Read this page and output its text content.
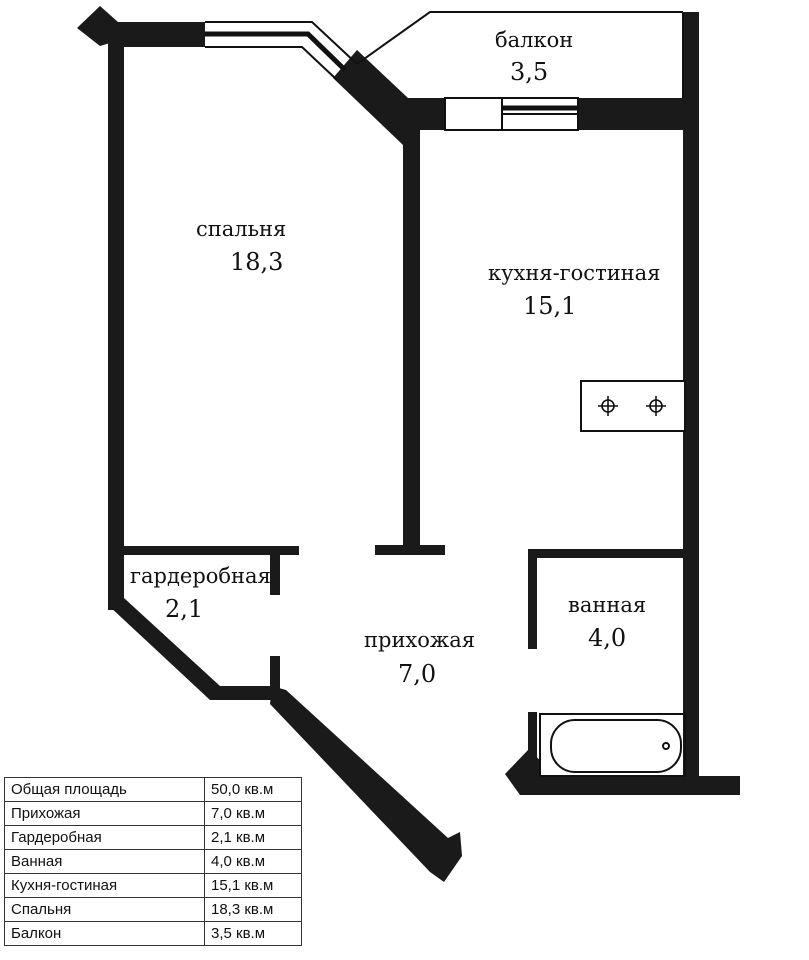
балкон
3,5
спальня
18,3	кухня-гостиная
15,1
гардеробная
2,1
прихожая
7,0
ванная
4,0
Общая площадь	50,0 кв.м
Прихожая	7,0 кв.м
Гардеробная	2,1 кв.м
Ванная	4,0 кв.м
Кухня-гостиная	15,1 кв.м
Спальня	18,3 кв.м
Балкон	3,5 кв.м
